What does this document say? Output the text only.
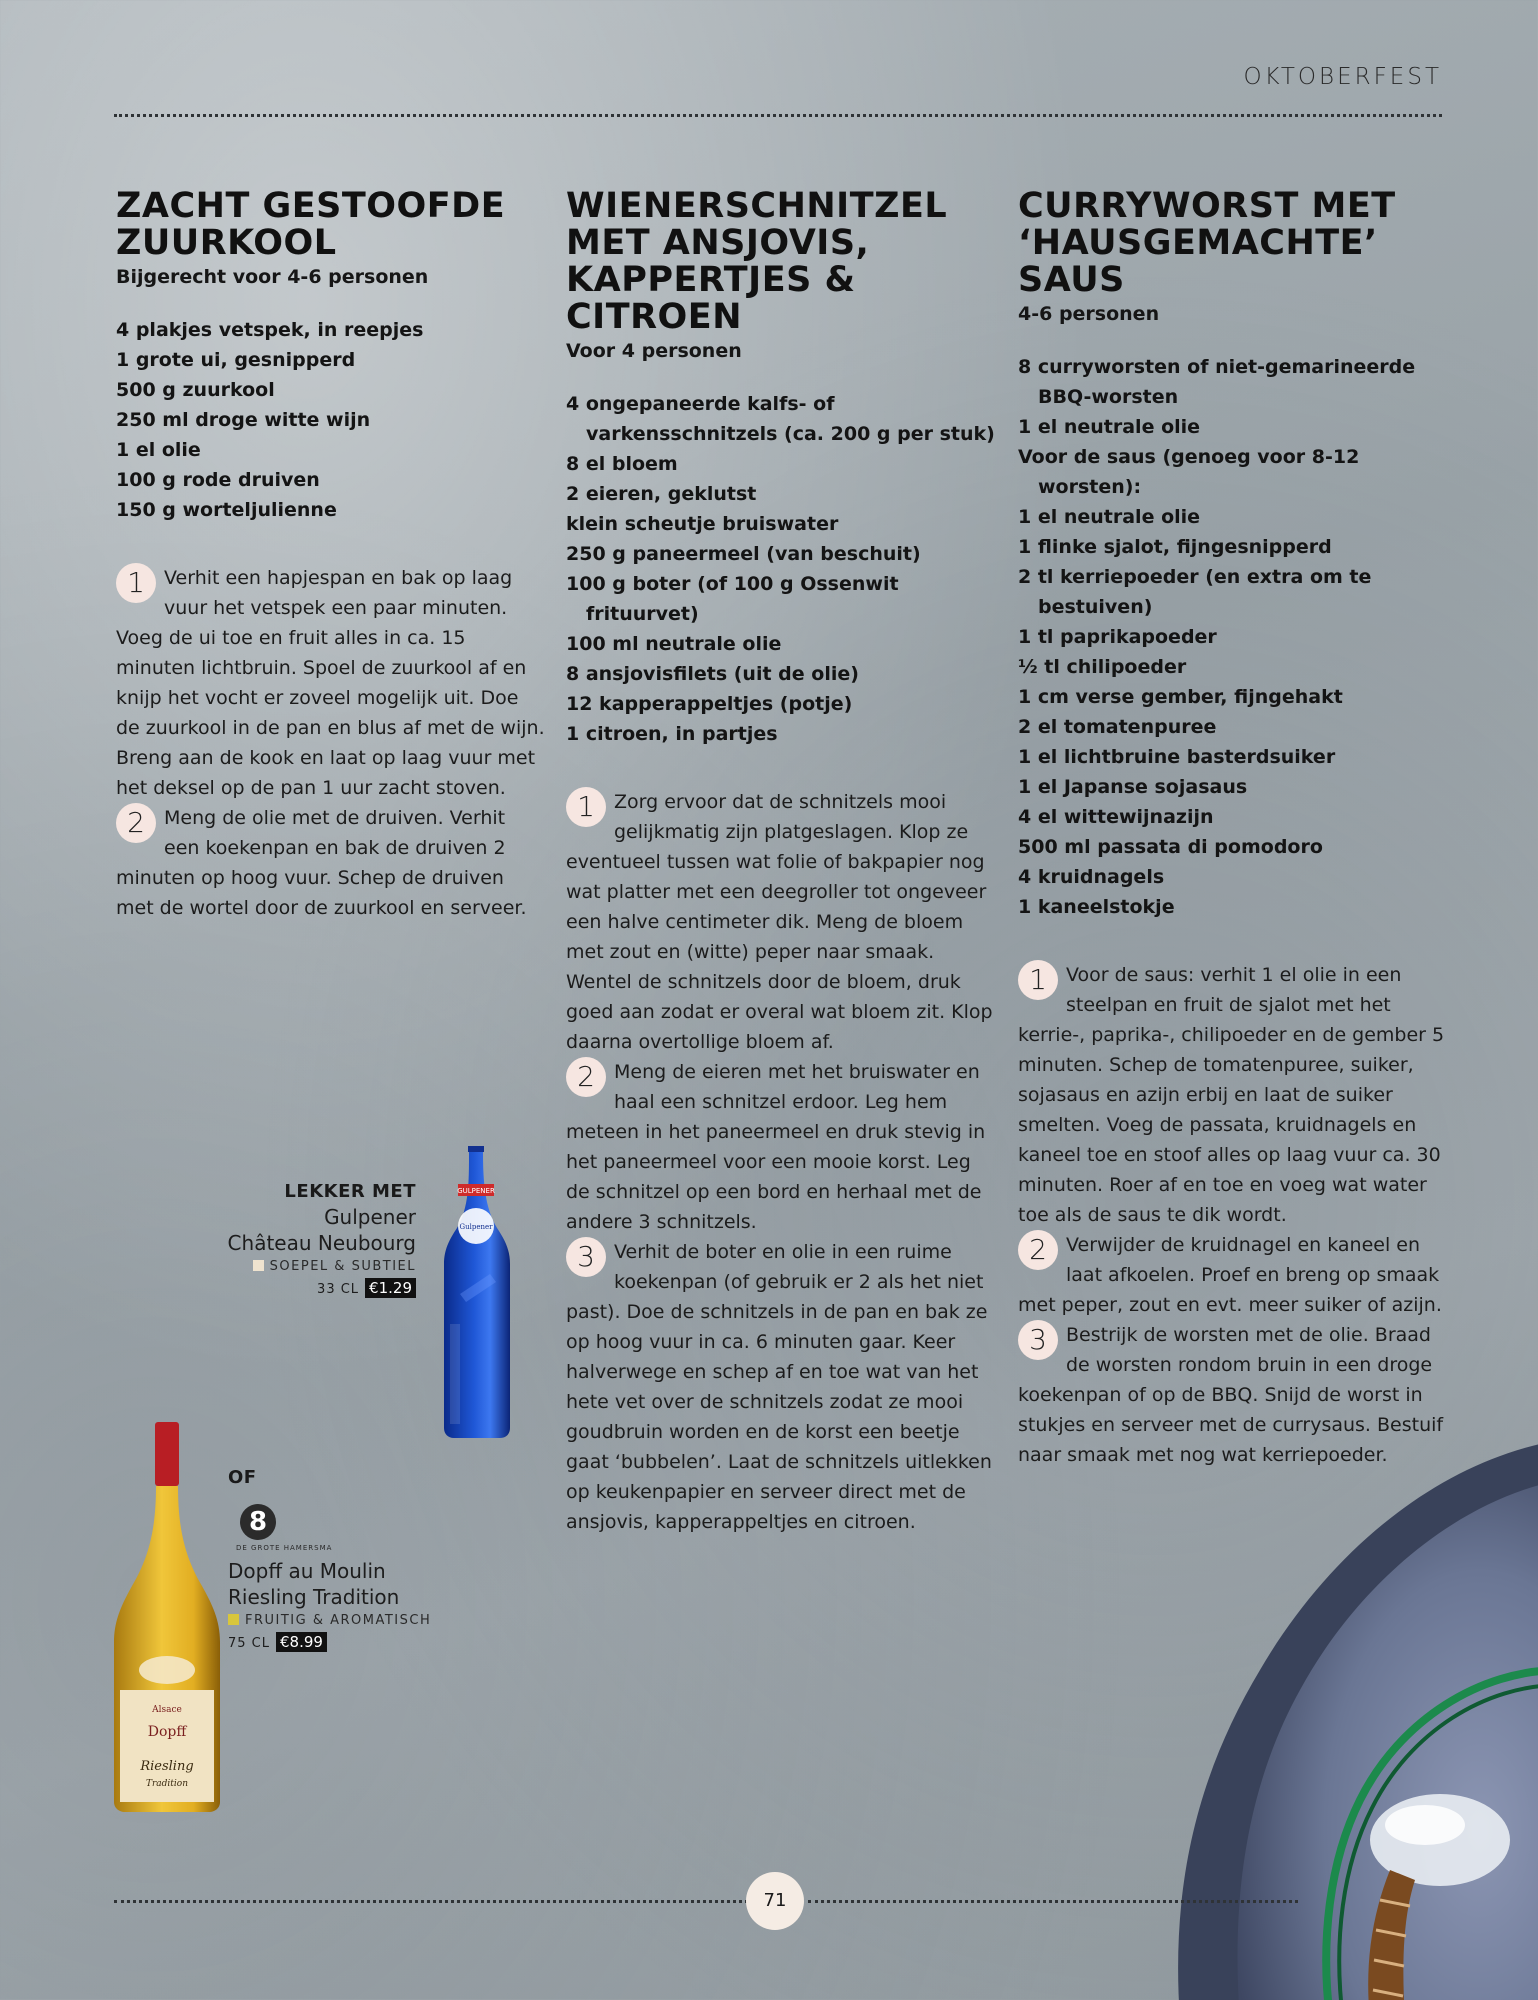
OKTOBERFEST
ZACHT GESTOOFDE ZUURKOOL
Bijgerecht voor 4-6 personen
4 plakjes vetspek, in reepjes
1 grote ui, gesnipperd
500 g zuurkool
250 ml droge witte wijn
1 el olie
100 g rode druiven
150 g worteljulienne
1	Verhit een hapjespan en bak op laag vuur het vetspek een paar minuten. Voeg de ui toe en fruit alles in ca. 15 minuten lichtbruin. Spoel de zuurkool af en knijp het vocht er zoveel mogelijk uit. Doe de zuurkool in de pan en blus af met de wijn. Breng aan de kook en laat op laag vuur met het deksel op de pan 1 uur zacht stoven.
2	Meng de olie met de druiven. Verhit een koekenpan en bak de druiven 2 minuten op hoog vuur. Schep de druiven met de wortel door de zuurkool en serveer.
WIENERSCHNITZEL MET ANSJOVIS, KAPPERTJES & CITROEN
Voor 4 personen
4 ongepaneerde kalfs- of varkensschnitzels (ca. 200 g per stuk)
8 el bloem
2 eieren, geklutst
klein scheutje bruiswater
250 g paneermeel (van beschuit)
100 g boter (of 100 g Ossenwit frituurvet)
100 ml neutrale olie
8 ansjovisfilets (uit de olie)
12 kapperappeltjes (potje)
1 citroen, in partjes
1	Zorg ervoor dat de schnitzels mooi gelijkmatig zijn platgeslagen. Klop ze eventueel tussen wat folie of bakpapier nog wat platter met een deegroller tot ongeveer een halve centimeter dik. Meng de bloem met zout en (witte) peper naar smaak. Wentel de schnitzels door de bloem, druk goed aan zodat er overal wat bloem zit. Klop daarna overtollige bloem af.
2	Meng de eieren met het bruiswater en haal een schnitzel erdoor. Leg hem meteen in het paneermeel en druk stevig in het paneermeel voor een mooie korst. Leg de schnitzel op een bord en herhaal met de andere 3 schnitzels.
3	Verhit de boter en olie in een ruime koekenpan (of gebruik er 2 als het niet past). Doe de schnitzels in de pan en bak ze op hoog vuur in ca. 6 minuten gaar. Keer halverwege en schep af en toe wat van het hete vet over de schnitzels zodat ze mooi goudbruin worden en de korst een beetje gaat ‘bubbelen’. Laat de schnitzels uitlekken op keukenpapier en serveer direct met de ansjovis, kapperappeltjes en citroen.
CURRYWORST MET ‘HAUSGEMACHTE’ SAUS
4-6 personen
8 curryworsten of niet-gemarineerde BBQ-worsten
1 el neutrale olie
Voor de saus (genoeg voor 8-12 worsten):
1 el neutrale olie
1 flinke sjalot, fijngesnipperd
2 tl kerriepoeder (en extra om te bestuiven)
1 tl paprikapoeder
½ tl chilipoeder
1 cm verse gember, fijngehakt
2 el tomatenpuree
1 el lichtbruine basterdsuiker
1 el Japanse sojasaus
4 el wittewijnazijn
500 ml passata di pomodoro
4 kruidnagels
1 kaneelstokje
1	Voor de saus: verhit 1 el olie in een steelpan en fruit de sjalot met het kerrie-, paprika-, chilipoeder en de gember 5 minuten. Schep de tomatenpuree, suiker, sojasaus en azijn erbij en laat de suiker smelten. Voeg de passata, kruidnagels en kaneel toe en stoof alles op laag vuur ca. 30 minuten. Roer af en toe en voeg wat water toe als de saus te dik wordt.
2	Verwijder de kruidnagel en kaneel en laat afkoelen. Proef en breng op smaak met peper, zout en evt. meer suiker of azijn.
3	Bestrijk de worsten met de olie. Braad de worsten rondom bruin in een droge koekenpan of op de BBQ. Snijd de worst in stukjes en serveer met de currysaus. Bestuif naar smaak met nog wat kerriepoeder.
LEKKER MET
Gulpener
Château Neubourg
SOEPEL & SUBTIEL
33 CL €1.29
GULPENER
Gulpener
OF
8
DE GROTE HAMERSMA
Dopff au Moulin
Riesling Tradition
FRUITIG & AROMATISCH
75 CL €8.99
Alsace
Dopff
Riesling
Tradition
71
